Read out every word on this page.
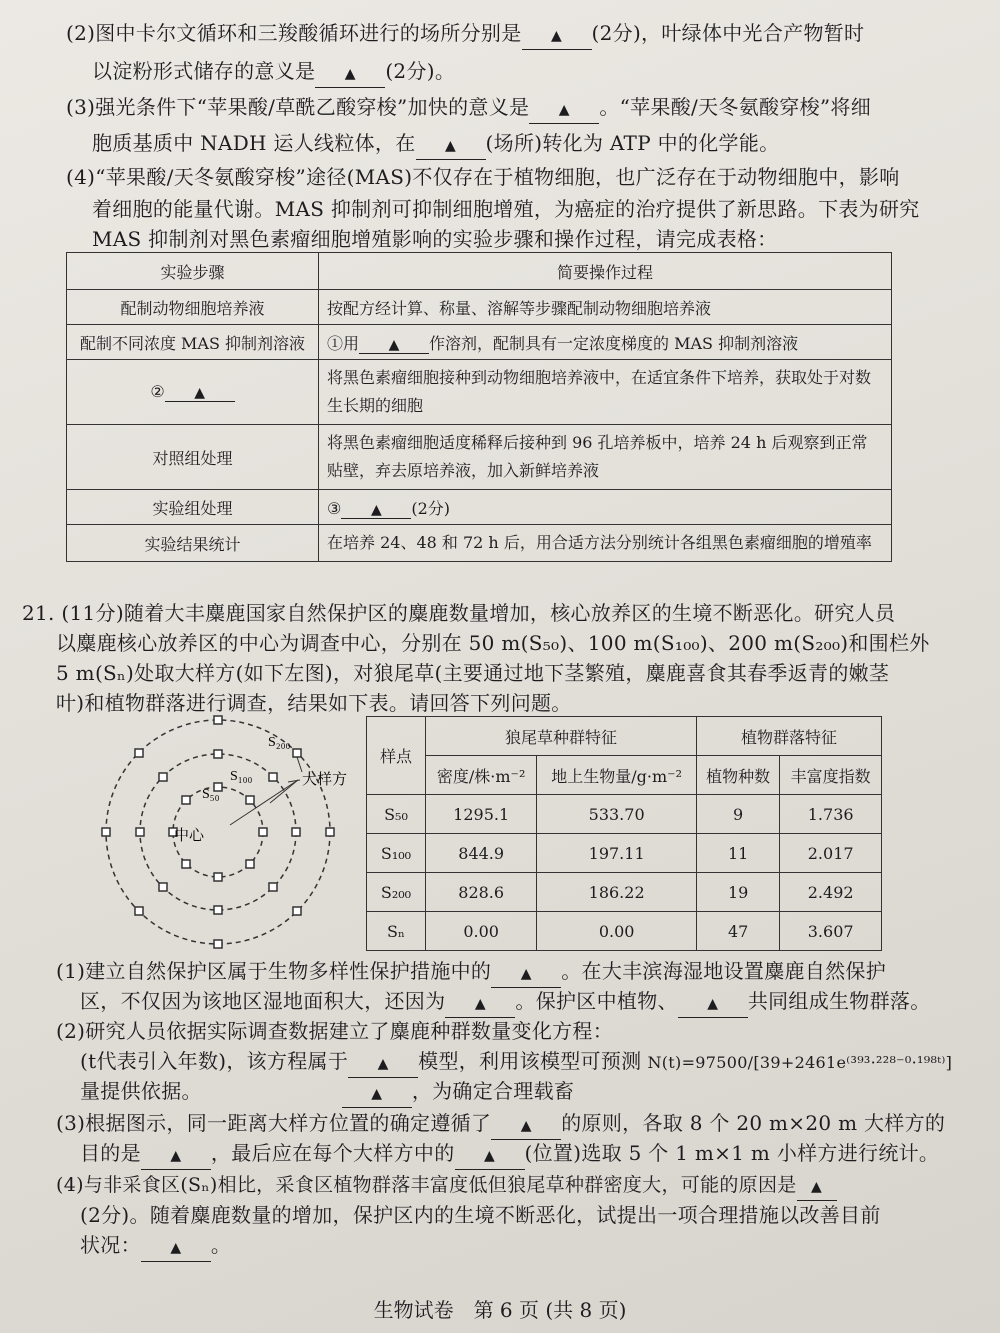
(2)图中卡尔文循环和三羧酸循环进行的场所分别是 ▲ (2分)，叶绿体中光合产物暂时
以淀粉形式储存的意义是 ▲ (2分)。
(3)强光条件下“苹果酸/草酰乙酸穿梭”加快的意义是 ▲ 。“苹果酸/天冬氨酸穿梭”将细
胞质基质中 NADH 运人线粒体，在 ▲ (场所)转化为 ATP 中的化学能。
(4)“苹果酸/天冬氨酸穿梭”途径(MAS)不仅存在于植物细胞，也广泛存在于动物细胞中，影响
着细胞的能量代谢。MAS 抑制剂可抑制细胞增殖，为癌症的治疗提供了新思路。下表为研究
MAS 抑制剂对黑色素瘤细胞增殖影响的实验步骤和操作过程，请完成表格：
实验步骤	简要操作过程
配制动物细胞培养液	按配方经计算、称量、溶解等步骤配制动物细胞培养液
配制不同浓度 MAS 抑制剂溶液	①用 ▲ 作溶剂，配制具有一定浓度梯度的 MAS 抑制剂溶液
② ▲	将黑色素瘤细胞接种到动物细胞培养液中，在适宜条件下培养，获取处于对数生长期的细胞
对照组处理	将黑色素瘤细胞适度稀释后接种到 96 孔培养板中，培养 24 h 后观察到正常贴壁，弃去原培养液，加入新鲜培养液
实验组处理	③ ▲ (2分)
实验结果统计	在培养 24、48 和 72 h 后，用合适方法分别统计各组黑色素瘤细胞的增殖率
21. (11分)随着大丰麋鹿国家自然保护区的麋鹿数量增加，核心放养区的生境不断恶化。研究人员
以麋鹿核心放养区的中心为调查中心，分别在 50 m(S₅₀)、100 m(S₁₀₀)、200 m(S₂₀₀)和围栏外
5 m(Sₙ)处取大样方(如下左图)，对狼尾草(主要通过地下茎繁殖，麋鹿喜食其春季返青的嫩茎
叶)和植物群落进行调查，结果如下表。请回答下列问题。
S₂₀₀
S₁₀₀
S₅₀
中心
大样方
样点	狼尾草种群特征		植物群落特征	
	密度/株·m⁻²	地上生物量/g·m⁻²	植物种数	丰富度指数
S₅₀	1295.1	533.70	9	1.736
S₁₀₀	844.9	197.11	11	2.017
S₂₀₀	828.6	186.22	19	2.492
Sₙ	0.00	0.00	47	3.607
(1)建立自然保护区属于生物多样性保护措施中的 ▲ 。在大丰滨海湿地设置麋鹿自然保护
区，不仅因为该地区湿地面积大，还因为 ▲ 。保护区中植物、 ▲ 共同组成生物群落。
(2)研究人员依据实际调查数据建立了麋鹿种群数量变化方程：
(t代表引入年数)，该方程属于 ▲ 模型，利用该模型可预测 N(t)=97500/[39+2461e⁽³⁹³·²²⁸⁻⁰·¹⁹⁸ᵗ⁾]
量提供依据。	▲ ，为确定合理载畜
(3)根据图示，同一距离大样方位置的确定遵循了 ▲ 的原则，各取 8 个 20 m×20 m 大样方的
目的是 ▲ ，最后应在每个大样方中的 ▲ (位置)选取 5 个 1 m×1 m 小样方进行统计。
(4)与非采食区(Sₙ)相比，采食区植物群落丰富度低但狼尾草种群密度大，可能的原因是 ▲
(2分)。随着麋鹿数量的增加，保护区内的生境不断恶化，试提出一项合理措施以改善目前
状况： ▲ 。
生物试卷　第 6 页 (共 8 页)
